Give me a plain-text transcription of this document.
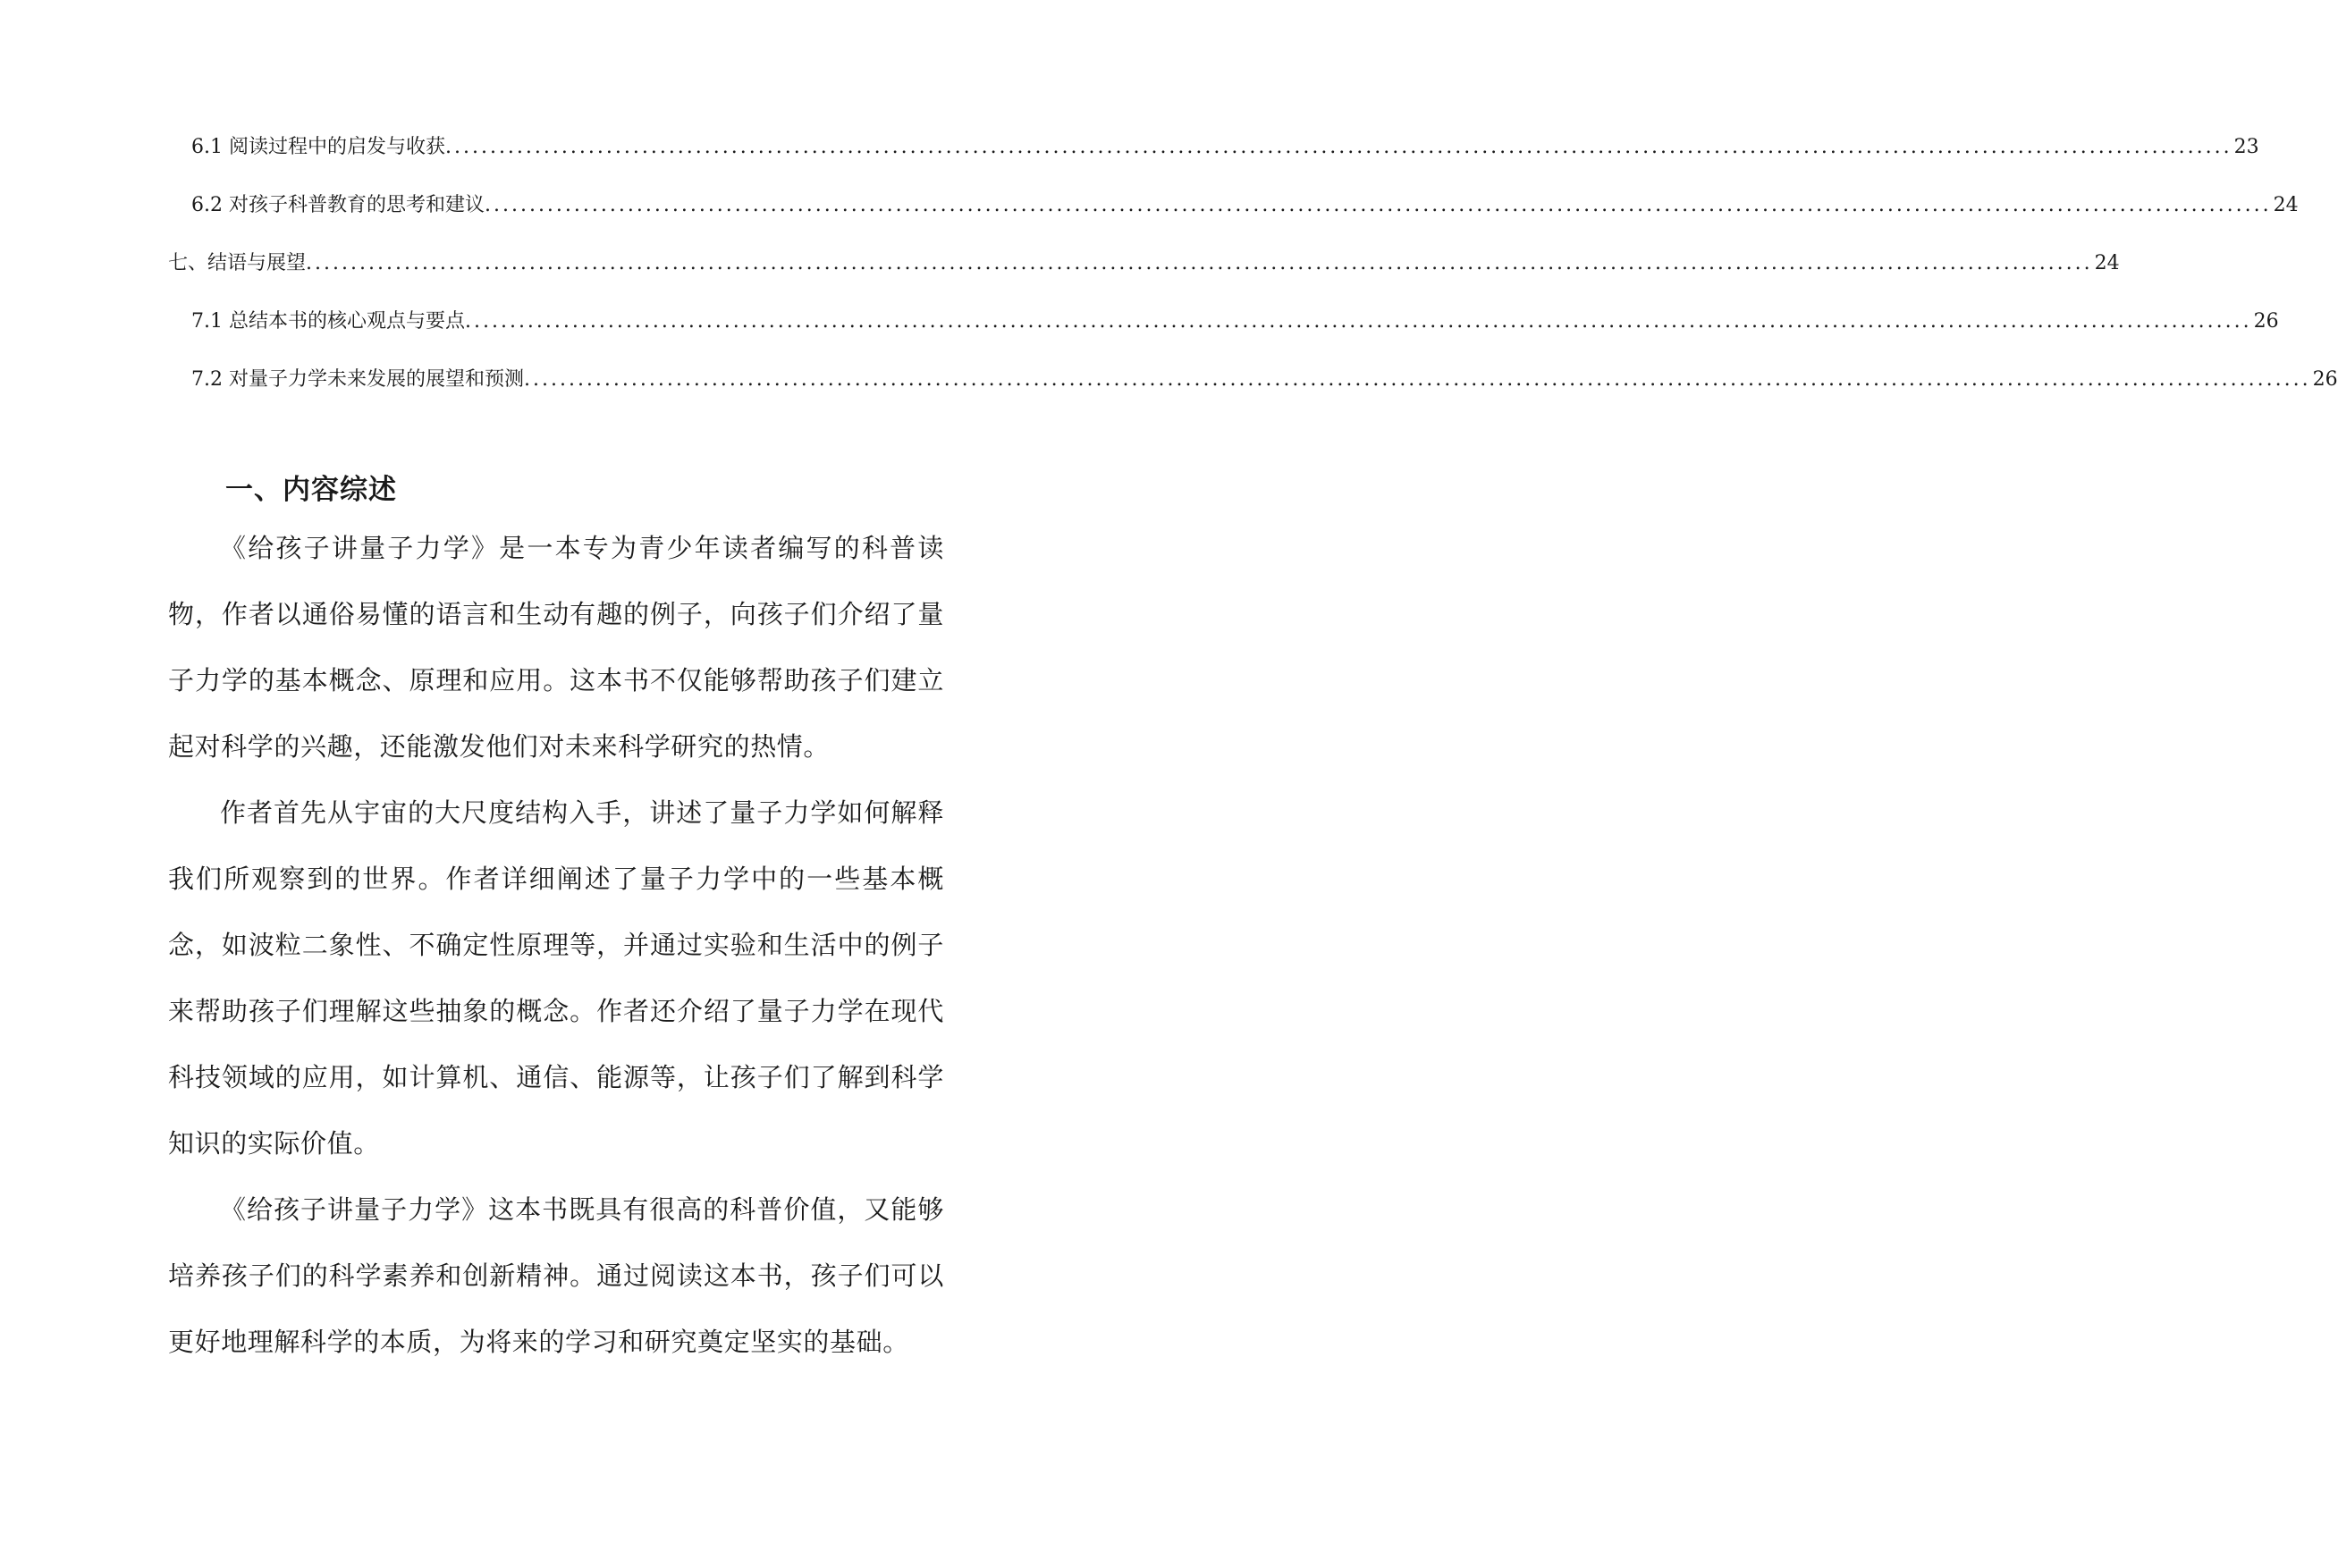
6.1 阅读过程中的启发与收获 ........................................................................................................................................................................................................ 23
6.2 对孩子科普教育的思考和建议 ........................................................................................................................................................................................................ 24
七、结语与展望 ........................................................................................................................................................................................................ 24
7.1 总结本书的核心观点与要点 ........................................................................................................................................................................................................ 26
7.2 对量子力学未来发展的展望和预测 ........................................................................................................................................................................................................ 26
一、内容综述

《给孩子讲量子力学》是一本专为青少年读者编写的科普读物，作者以通俗易懂的语言和生动有趣的例子，向孩子们介绍了量子力学的基本概念、原理和应用。这本书不仅能够帮助孩子们建立起对科学的兴趣，还能激发他们对未来科学研究的热情。

作者首先从宇宙的大尺度结构入手，讲述了量子力学如何解释我们所观察到的世界。作者详细阐述了量子力学中的一些基本概念，如波粒二象性、不确定性原理等，并通过实验和生活中的例子来帮助孩子们理解这些抽象的概念。作者还介绍了量子力学在现代科技领域的应用，如计算机、通信、能源等，让孩子们了解到科学知识的实际价值。

《给孩子讲量子力学》这本书既具有很高的科普价值，又能够培养孩子们的科学素养和创新精神。通过阅读这本书，孩子们可以更好地理解科学的本质，为将来的学习和研究奠定坚实的基础。
